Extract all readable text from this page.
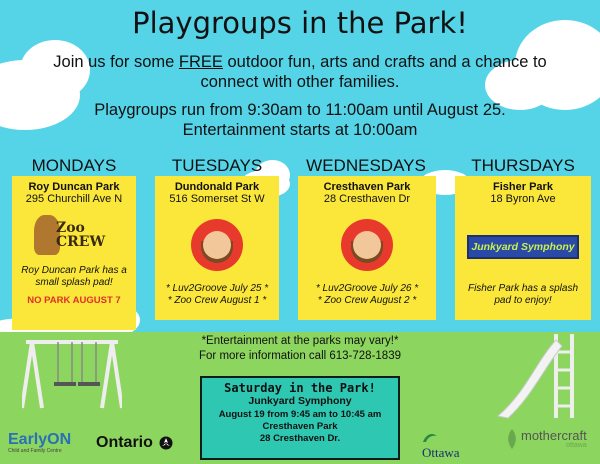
Playgroups in the Park!
Join us for some FREE outdoor fun, arts and crafts and a chance to connect with other families.
Playgroups run from 9:30am to 11:00am until August 25.
Entertainment starts at 10:00am
MONDAYS	TUESDAYS	WEDNESDAYS	THURSDAYS
Roy Duncan Park
295 Churchill Ave N
Zoo CREW
Roy Duncan Park has a small splash pad!
NO PARK AUGUST 7
Dundonald Park
516 Somerset St W
* Luv2Groove July 25 *
* Zoo Crew August 1 *
Cresthaven Park
28 Cresthaven Dr
* Luv2Groove July 26 *
* Zoo Crew August 2 *
Fisher Park
18 Byron Ave
Junkyard Symphony
Fisher Park has a splash pad to enjoy!
*Entertainment at the parks may vary!*
For more information call 613-728-1839
Saturday in the Park!
Junkyard Symphony
August 19 from 9:45 am to 10:45 am
Cresthaven Park
28 Cresthaven Dr.
EarlyON
Child and Family Centre	Ontario
Ottawa
mothercraft
ottawa
